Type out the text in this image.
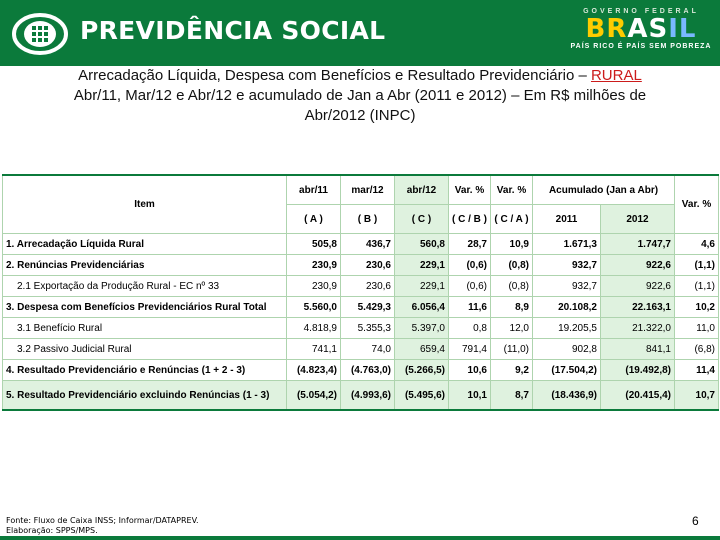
PREVIDÊNCIA SOCIAL
GOVERNO FEDERAL
BRASIL
PAÍS RICO É PAÍS SEM POBREZA
Arrecadação Líquida, Despesa com Benefícios e Resultado Previdenciário – RURAL
Abr/11, Mar/12 e Abr/12 e acumulado de Jan a Abr (2011 e 2012) – Em R$ milhões de
Abr/2012 (INPC)
Item	abr/11	mar/12	abr/12	Var. %	Var. %	Acumulado (Jan a Abr)		Var. %
	( A )	( B )	( C )	( C / B )	( C / A )	2011	2012	
1. Arrecadação Líquida Rural	505,8	436,7	560,8	28,7	10,9	1.671,3	1.747,7	4,6
2. Renúncias Previdenciárias	230,9	230,6	229,1	(0,6)	(0,8)	932,7	922,6	(1,1)
2.1 Exportação da Produção Rural - EC nº 33	230,9	230,6	229,1	(0,6)	(0,8)	932,7	922,6	(1,1)
3. Despesa com Benefícios Previdenciários Rural Total	5.560,0	5.429,3	6.056,4	11,6	8,9	20.108,2	22.163,1	10,2
3.1 Benefício Rural	4.818,9	5.355,3	5.397,0	0,8	12,0	19.205,5	21.322,0	11,0
3.2 Passivo Judicial Rural	741,1	74,0	659,4	791,4	(11,0)	902,8	841,1	(6,8)
4. Resultado Previdenciário e Renúncias (1 + 2 - 3)	(4.823,4)	(4.763,0)	(5.266,5)	10,6	9,2	(17.504,2)	(19.492,8)	11,4
5. Resultado Previdenciário excluindo Renúncias (1 - 3)	(5.054,2)	(4.993,6)	(5.495,6)	10,1	8,7	(18.436,9)	(20.415,4)	10,7
Fonte: Fluxo de Caixa INSS; Informar/DATAPREV.
Elaboração: SPPS/MPS.
6
